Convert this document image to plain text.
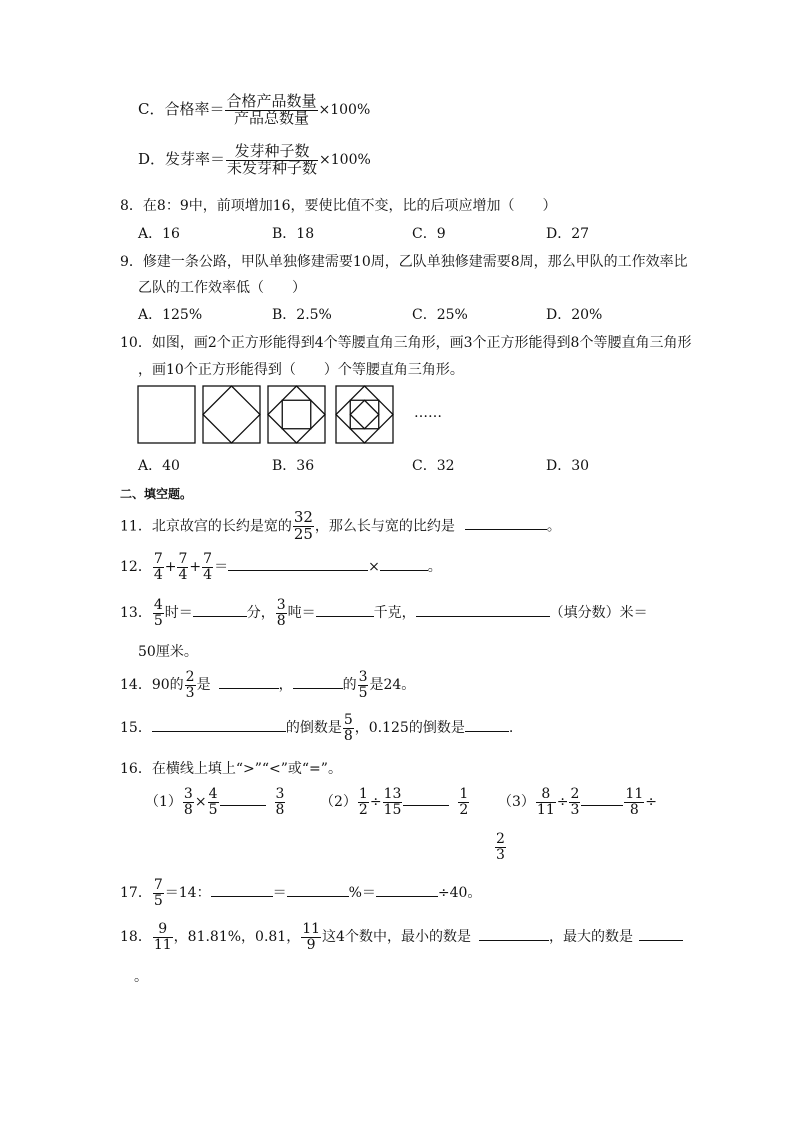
C．合格率＝ $\frac{\text{合格产品数量}}{\text{产品总数量}} \times 100\%$
D．发芽率＝ $\frac{\text{发芽种子数}}{\text{未发芽种子数}} \times 100\%$
8．在8：9中，前项增加16，要使比值不变，比的后项应增加（　　）
A．16	B．18	C．9	D．27
9．修建一条公路，甲队单独修建需要10周，乙队单独修建需要8周，那么甲队的工作效率比
乙队的工作效率低（　　）
A．125%	B．2.5%	C．25%	D．20%
10．如图，画2个正方形能得到4个等腰直角三角形，画3个正方形能得到8个等腰直角三角形
，画10个正方形能得到（　　）个等腰直角三角形。
……
A．40	B．36	C．32	D．30
二、填空题。
11．北京故宫的长约是宽的 $\frac{32}{25}$ ，那么长与宽的比约是	。
12． $\frac{7}{4} + \frac{7}{4} + \frac{7}{4}$ ＝	×	。
13． $\frac{4}{5}$ 时＝	分， $\frac{3}{8}$ 吨＝	千克，	（填分数）米＝
50厘米。
14．90的 $\frac{2}{3}$ 是	，	的 $\frac{3}{5}$ 是24。
15．	的倒数是 $\frac{5}{8}$ ，0.125的倒数是	.
16．在横线上填上“>”“<”或“=”。
$(1) \frac{3}{8} \times \frac{4}{5}$	$\frac{3}{8} (2) \frac{1}{2} \div \frac{13}{15}$	$\frac{1}{2} (3) \frac{8}{11} \div \frac{2}{3}$	$\frac{11}{8}$ ÷
$\frac{2}{3}$
17． $\frac{7}{5} =14$：	＝	%＝	÷40。
18． $\frac{9}{11}$ ，81.81%，0.81， $\frac{11}{9}$ 这4个数中，最小的数是	，最大的数是
。
